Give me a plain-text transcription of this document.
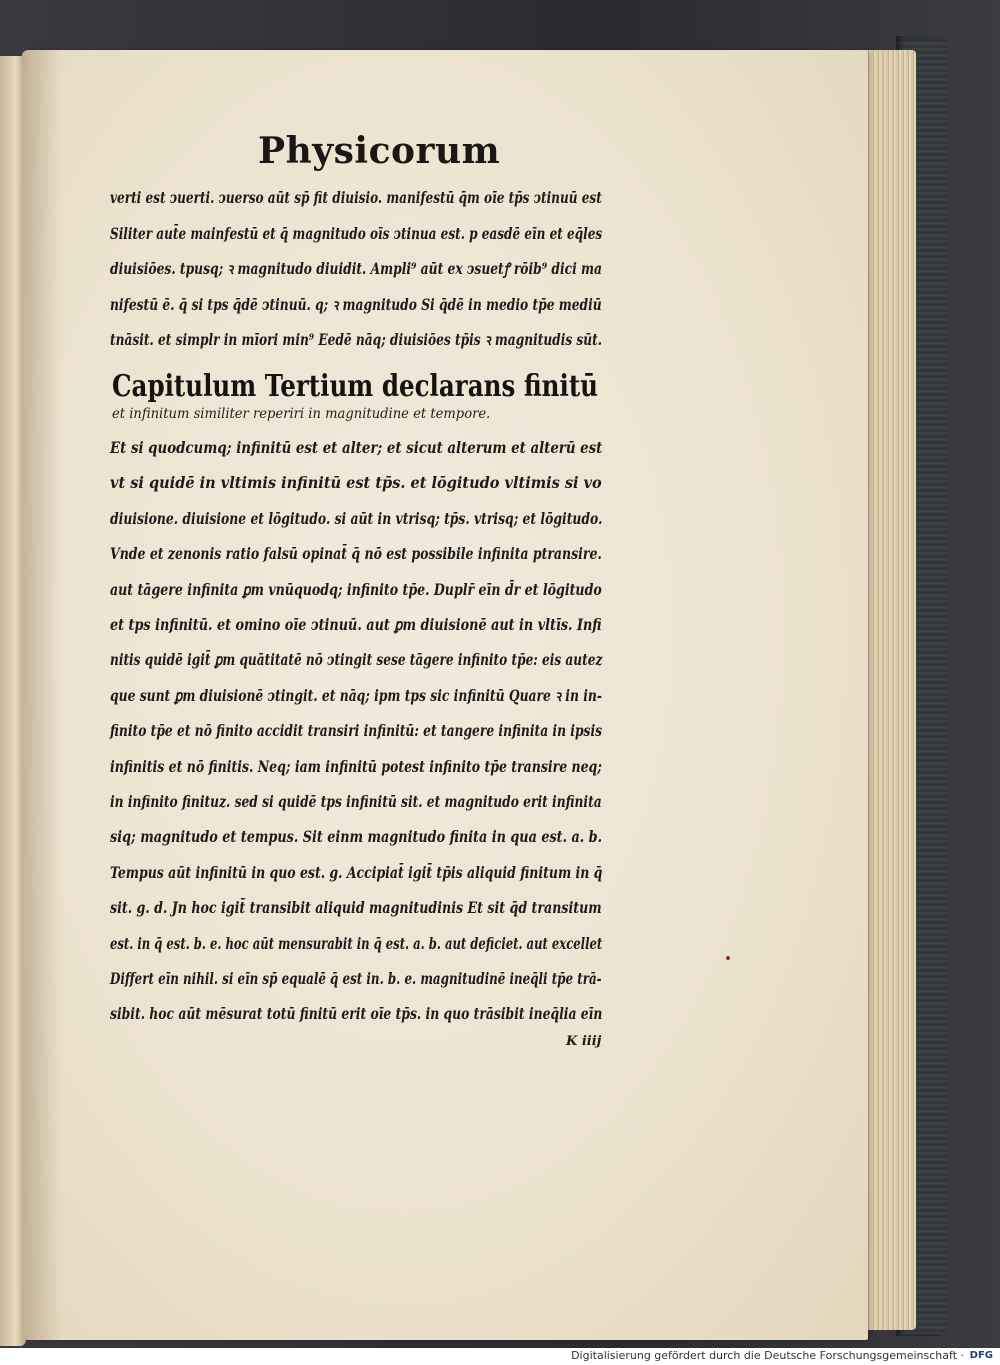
Physicorum
verti est ↄuerti. ↄuerso aūt sp̄ fit diuisio. manifestū q̄m oīe tp̄s ↄtinuū est
Siliter aut̄e mainfestū et q̄ magnitudo oīs ↄtinua est. p easdē eīn et eq̄les
diuisiōes. tpusq; ꝛ magnitudo diuidit. Ampli⁹ aūt ex ↄsuetꝭ rōib⁹ dici ma
nifestū ē. q̄ si tps q̄dē ↄtinuū. q; ꝛ magnitudo Si q̄dē in medio tp̄e mediū
tnāsit. et simplr in mīori min⁹ Eedē nāq; diuisiōes tp̄is ꝛ magnitudis sūt.
Capitulum Tertium declarans finitū
et infinitum similiter reperiri in magnitudine et tempore.
Et si quodcumq; infinitū est et alter; et sicut alterum et alterū est
vt si quidē in vltimis infinitū est tp̄s. et lōgitudo vltimis si vo
diuisione. diuisione et lōgitudo. si aūt in vtrisq; tp̄s. vtrisq; et lōgitudo.
Vnde et zenonis ratio falsū opinat̄ q̄ nō est possibile infinita ptransire.
aut tāgere infinita ꝑm vnūquodq; infinito tp̄e. Duplr̄ eīn d̄r et lōgitudo
et tps infinitū. et omino oīe ↄtinuū. aut ꝑm diuisionē aut in vltīs. Infi
nitis quidē igit̄ ꝑm quātitatē nō ↄtingit sese tāgere infinito tp̄e: eis autez
que sunt ꝑm diuisionē ↄtingit. et nāq; ipm tps sic infinitū Quare ꝛ in in-
finito tp̄e et nō finito accidit transiri infinitū: et tangere infinita in ipsis
infinitis et nō finitis. Neq; iam infinitū potest infinito tp̄e transire neq;
in infinito finituz. sed si quidē tps infinitū sit. et magnitudo erit infinita
siq; magnitudo et tempus. Sit einm magnitudo finita in qua est. a. b.
Tempus aūt infinitū in quo est. g. Accipiat̄ igit̄ tp̄is aliquid finitum in q̄
sit. g. d. Jn hoc igit̄ transibit aliquid magnitudinis Et sit q̄d transitum
est. in q̄ est. b. e. hoc aūt mensurabit in q̄ est. a. b. aut deficiet. aut excellet
Differt eīn nihil. si eīn sp̄ equalē q̄ est in. b. e. magnitudinē ineq̄li tp̄e trā-
sibit. hoc aūt mēsurat totū finitū erit oīe tp̄s. in quo trāsibit ineq̄lia eīn
K iiij
Digitalisierung gefördert durch die Deutsche Forschungsgemeinschaft · DFG
